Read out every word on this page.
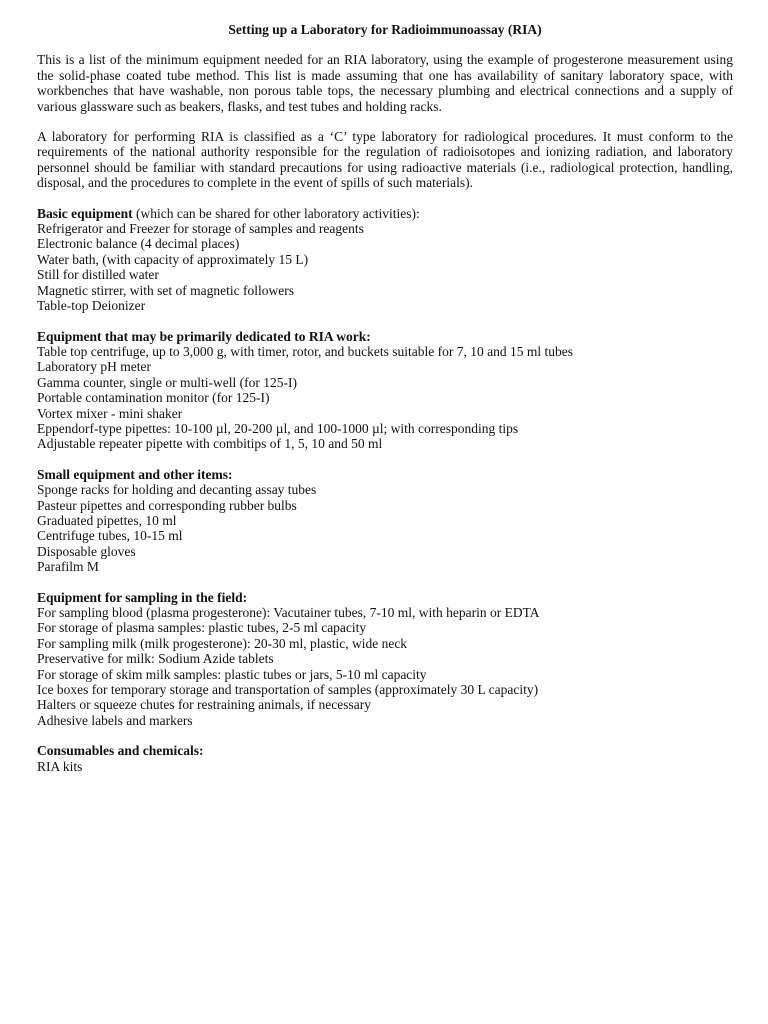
Setting up a Laboratory for Radioimmunoassay (RIA)

This is a list of the minimum equipment needed for an RIA laboratory, using the example of progesterone measurement using the solid-phase coated tube method. This list is made assuming that one has availability of sanitary laboratory space, with workbenches that have washable, non porous table tops, the necessary plumbing and electrical connections and a supply of various glassware such as beakers, flasks, and test tubes and holding racks.

A laboratory for performing RIA is classified as a ‘C’ type laboratory for radiological procedures. It must conform to the requirements of the national authority responsible for the regulation of radioisotopes and ionizing radiation, and laboratory personnel should be familiar with standard precautions for using radioactive materials (i.e., radiological protection, handling, disposal, and the procedures to complete in the event of spills of such materials).

Basic equipment (which can be shared for other laboratory activities):
Refrigerator and Freezer for storage of samples and reagents
Electronic balance (4 decimal places)
Water bath, (with capacity of approximately 15 L)
Still for distilled water
Magnetic stirrer, with set of magnetic followers
Table-top Deionizer
Equipment that may be primarily dedicated to RIA work:
Table top centrifuge, up to 3,000 g, with timer, rotor, and buckets suitable for 7, 10 and 15 ml tubes
Laboratory pH meter
Gamma counter, single or multi-well (for 125-I)
Portable contamination monitor (for 125-I)
Vortex mixer - mini shaker
Eppendorf-type pipettes: 10-100 µl, 20-200 µl, and 100-1000 µl; with corresponding tips
Adjustable repeater pipette with combitips of 1, 5, 10 and 50 ml
Small equipment and other items:
Sponge racks for holding and decanting assay tubes
Pasteur pipettes and corresponding rubber bulbs
Graduated pipettes, 10 ml
Centrifuge tubes, 10-15 ml
Disposable gloves
Parafilm M
Equipment for sampling in the field:
For sampling blood (plasma progesterone): Vacutainer tubes, 7-10 ml, with heparin or EDTA
For storage of plasma samples: plastic tubes, 2-5 ml capacity
For sampling milk (milk progesterone): 20-30 ml, plastic, wide neck
Preservative for milk: Sodium Azide tablets
For storage of skim milk samples: plastic tubes or jars, 5-10 ml capacity
Ice boxes for temporary storage and transportation of samples (approximately 30 L capacity)
Halters or squeeze chutes for restraining animals, if necessary
Adhesive labels and markers
Consumables and chemicals:
RIA kits
